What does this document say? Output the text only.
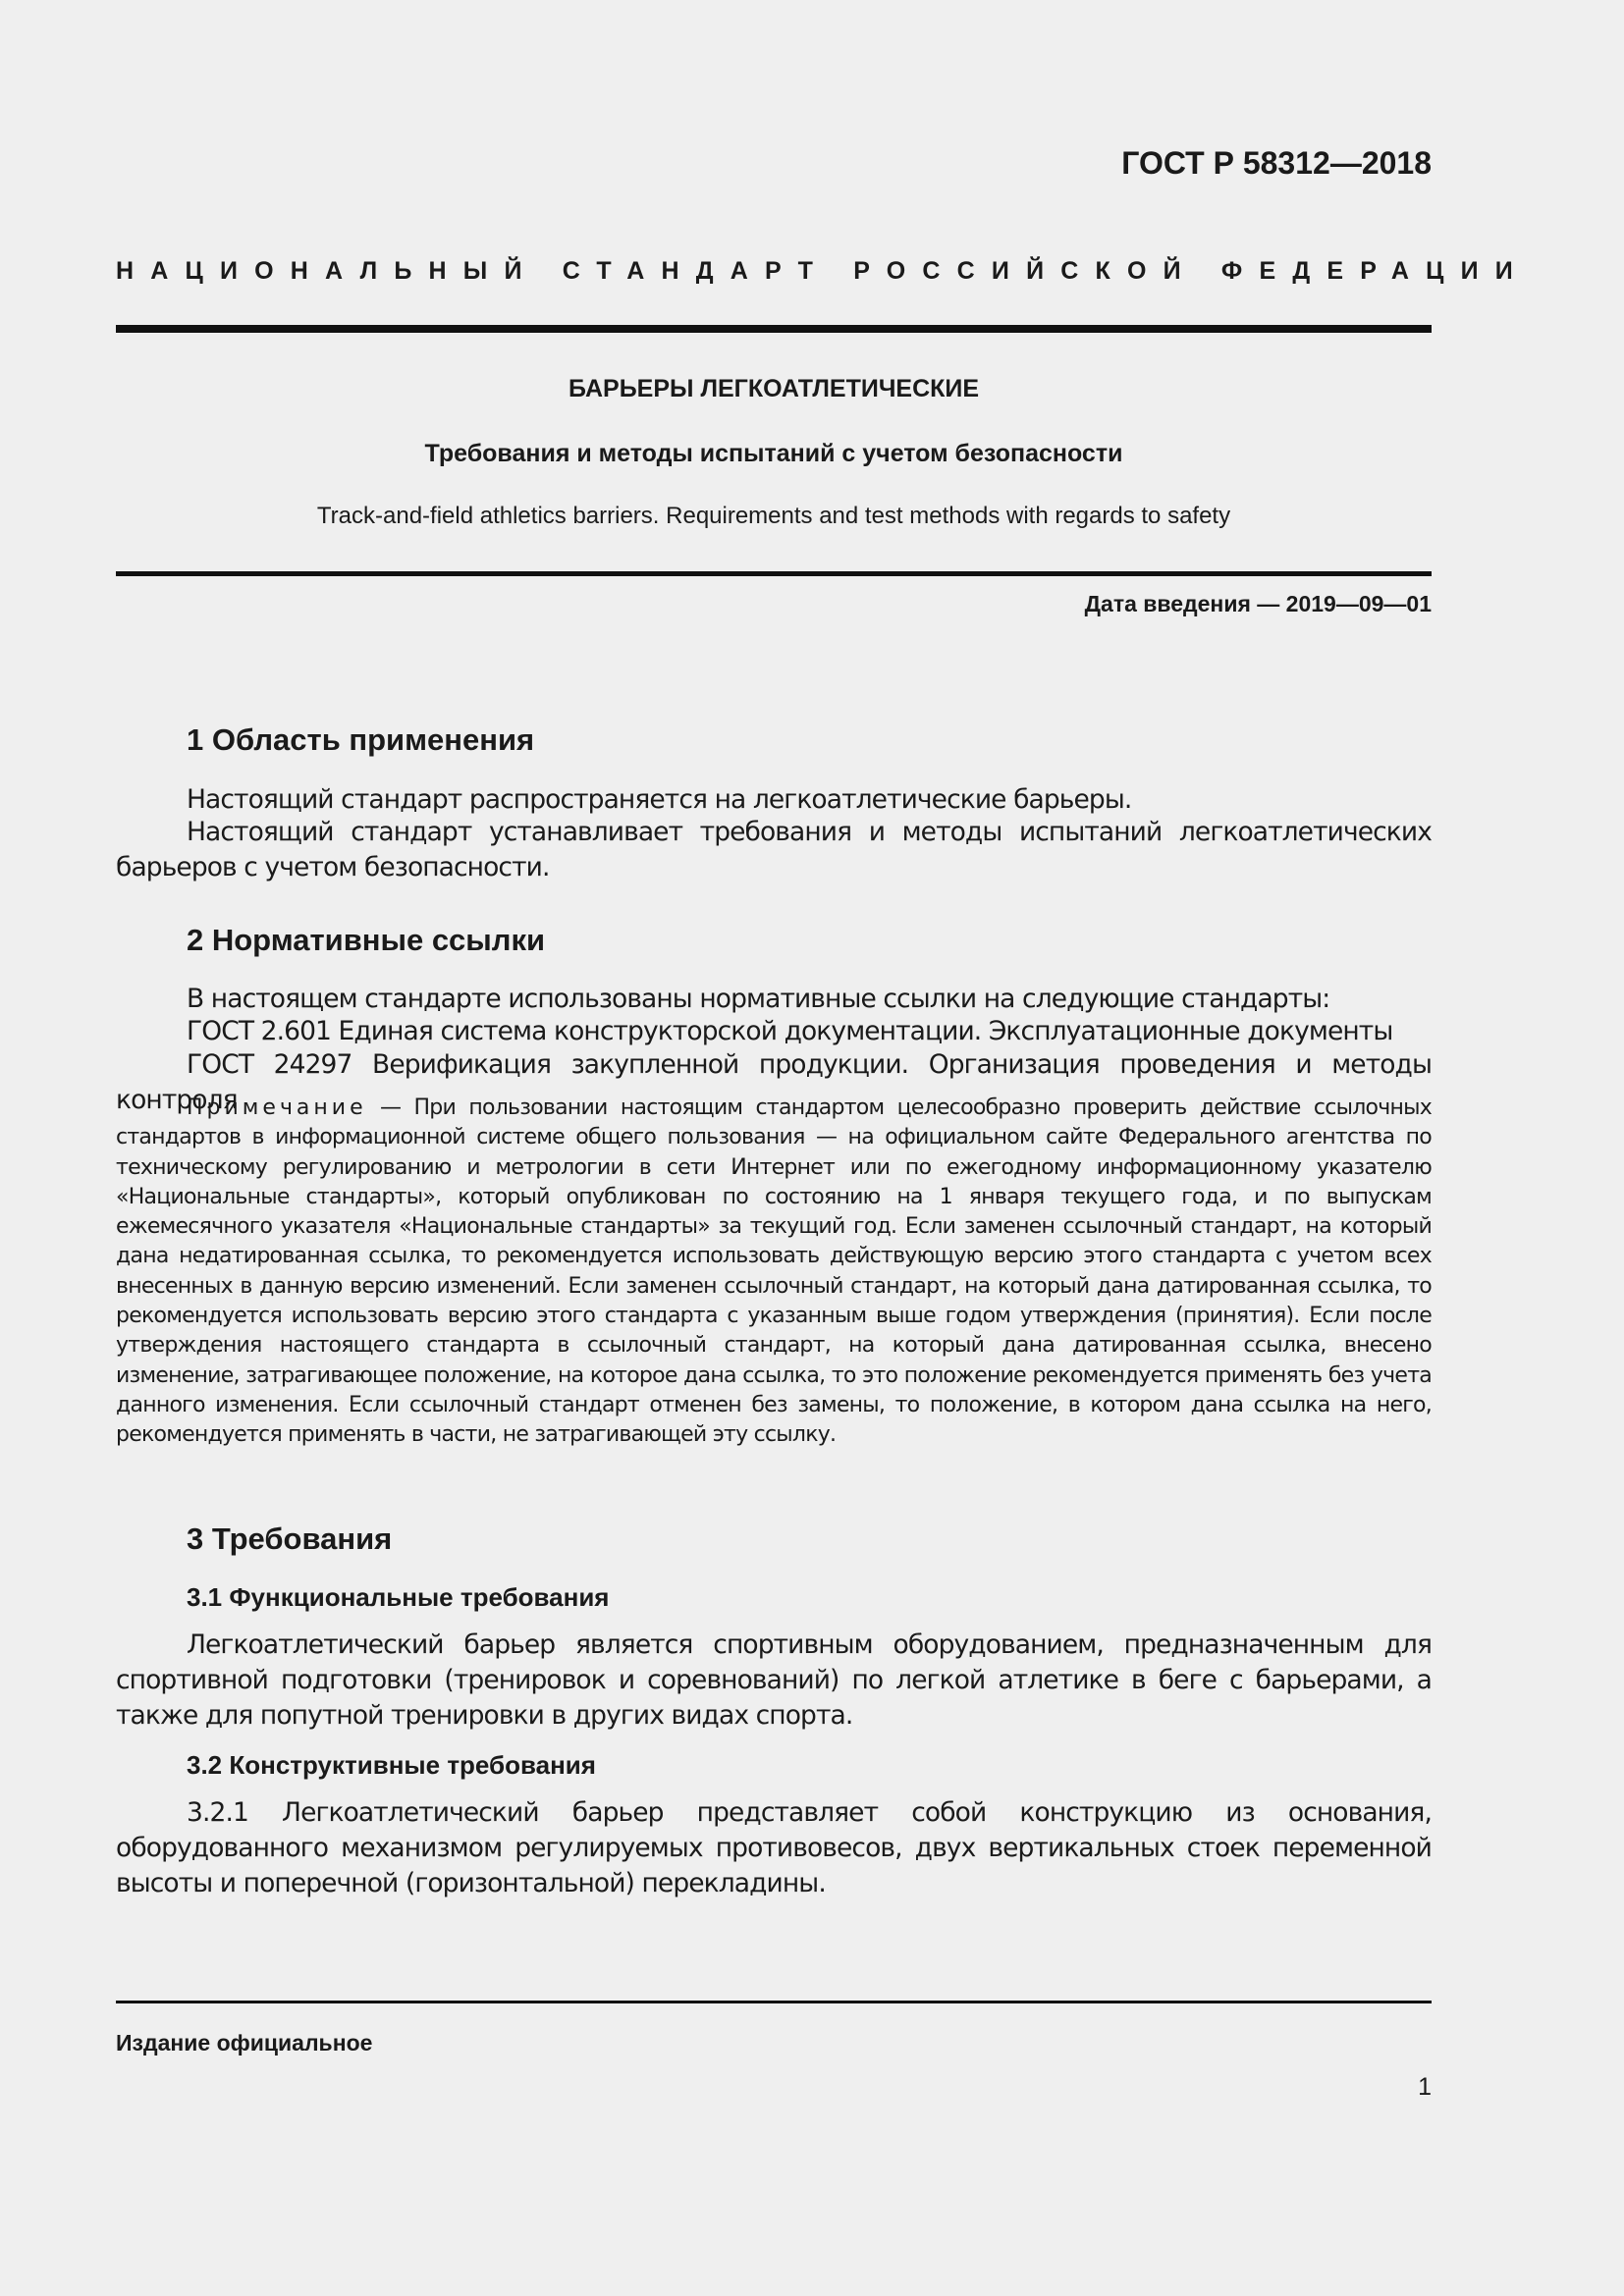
ГОСТ Р 58312—2018
НАЦИОНАЛЬНЫЙ СТАНДАРТ РОССИЙСКОЙ ФЕДЕРАЦИИ
БАРЬЕРЫ ЛЕГКОАТЛЕТИЧЕСКИЕ
Требования и методы испытаний с учетом безопасности
Track-and-field athletics barriers. Requirements and test methods with regards to safety
Дата введения — 2019—09—01
1 Область применения

Настоящий стандарт распространяется на легкоатлетические барьеры.

Настоящий стандарт устанавливает требования и методы испытаний легкоатлетических барьеров с учетом безопасности.

2 Нормативные ссылки

В настоящем стандарте использованы нормативные ссылки на следующие стандарты:

ГОСТ 2.601 Единая система конструкторской документации. Эксплуатационные документы

ГОСТ 24297 Верификация закупленной продукции. Организация проведения и методы контроля

Примечание — При пользовании настоящим стандартом целесообразно проверить действие ссылочных стандартов в информационной системе общего пользования — на официальном сайте Федерального агентства по техническому регулированию и метрологии в сети Интернет или по ежегодному информационному указателю «Национальные стандарты», который опубликован по состоянию на 1 января текущего года, и по выпускам ежемесячного указателя «Национальные стандарты» за текущий год. Если заменен ссылочный стандарт, на который дана недатированная ссылка, то рекомендуется использовать действующую версию этого стандарта с учетом всех внесенных в данную версию изменений. Если заменен ссылочный стандарт, на который дана датированная ссылка, то рекомендуется использовать версию этого стандарта с указанным выше годом утверждения (принятия). Если после утверждения настоящего стандарта в ссылочный стандарт, на который дана датированная ссылка, внесено изменение, затрагивающее положение, на которое дана ссылка, то это положение рекомендуется применять без учета данного изменения. Если ссылочный стандарт отменен без замены, то положение, в котором дана ссылка на него, рекомендуется применять в части, не затрагивающей эту ссылку.

3 Требования
3.1 Функциональные требования

Легкоатлетический барьер является спортивным оборудованием, предназначенным для спортивной подготовки (тренировок и соревнований) по легкой атлетике в беге с барьерами, а также для попутной тренировки в других видах спорта.

3.2 Конструктивные требования

3.2.1 Легкоатлетический барьер представляет собой конструкцию из основания, оборудованного механизмом регулируемых противовесов, двух вертикальных стоек переменной высоты и поперечной (горизонтальной) перекладины.

Издание официальное
1
